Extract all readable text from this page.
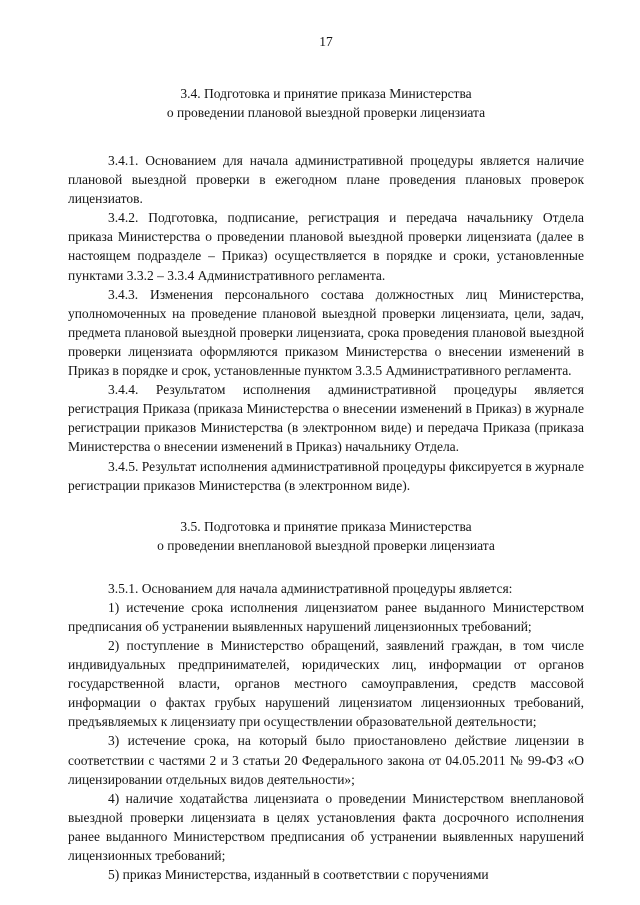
17
3.4. Подготовка и принятие приказа Министерства
о проведении плановой выездной проверки лицензиата

3.4.1. Основанием для начала административной процедуры является наличие плановой выездной проверки в ежегодном плане проведения плановых проверок лицензиатов.

3.4.2. Подготовка, подписание, регистрация и передача начальнику Отдела приказа Министерства о проведении плановой выездной проверки лицензиата (далее в настоящем подразделе – Приказ) осуществляется в порядке и сроки, установленные пунктами 3.3.2 – 3.3.4 Административного регламента.

3.4.3. Изменения персонального состава должностных лиц Министерства, уполномоченных на проведение плановой выездной проверки лицензиата, цели, задач, предмета плановой выездной проверки лицензиата, срока проведения плановой выездной проверки лицензиата оформляются приказом Министерства о внесении изменений в Приказ в порядке и срок, установленные пунктом 3.3.5 Административного регламента.

3.4.4. Результатом исполнения административной процедуры является регистрация Приказа (приказа Министерства о внесении изменений в Приказ) в журнале регистрации приказов Министерства (в электронном виде) и передача Приказа (приказа Министерства о внесении изменений в Приказ) начальнику Отдела.

3.4.5. Результат исполнения административной процедуры фиксируется в журнале регистрации приказов Министерства (в электронном виде).

3.5. Подготовка и принятие приказа Министерства
о проведении внеплановой выездной проверки лицензиата

3.5.1. Основанием для начала административной процедуры является:

1) истечение срока исполнения лицензиатом ранее выданного Министерством предписания об устранении выявленных нарушений лицензионных требований;

2) поступление в Министерство обращений, заявлений граждан, в том числе индивидуальных предпринимателей, юридических лиц, информации от органов государственной власти, органов местного самоуправления, средств массовой информации о фактах грубых нарушений лицензиатом лицензионных требований, предъявляемых к лицензиату при осуществлении образовательной деятельности;

3) истечение срока, на который было приостановлено действие лицензии в соответствии с частями 2 и 3 статьи 20 Федерального закона от 04.05.2011 № 99-ФЗ «О лицензировании отдельных видов деятельности»;

4) наличие ходатайства лицензиата о проведении Министерством внеплановой выездной проверки лицензиата в целях установления факта досрочного исполнения ранее выданного Министерством предписания об устранении выявленных нарушений лицензионных требований;

5) приказ Министерства, изданный в соответствии с поручениями
